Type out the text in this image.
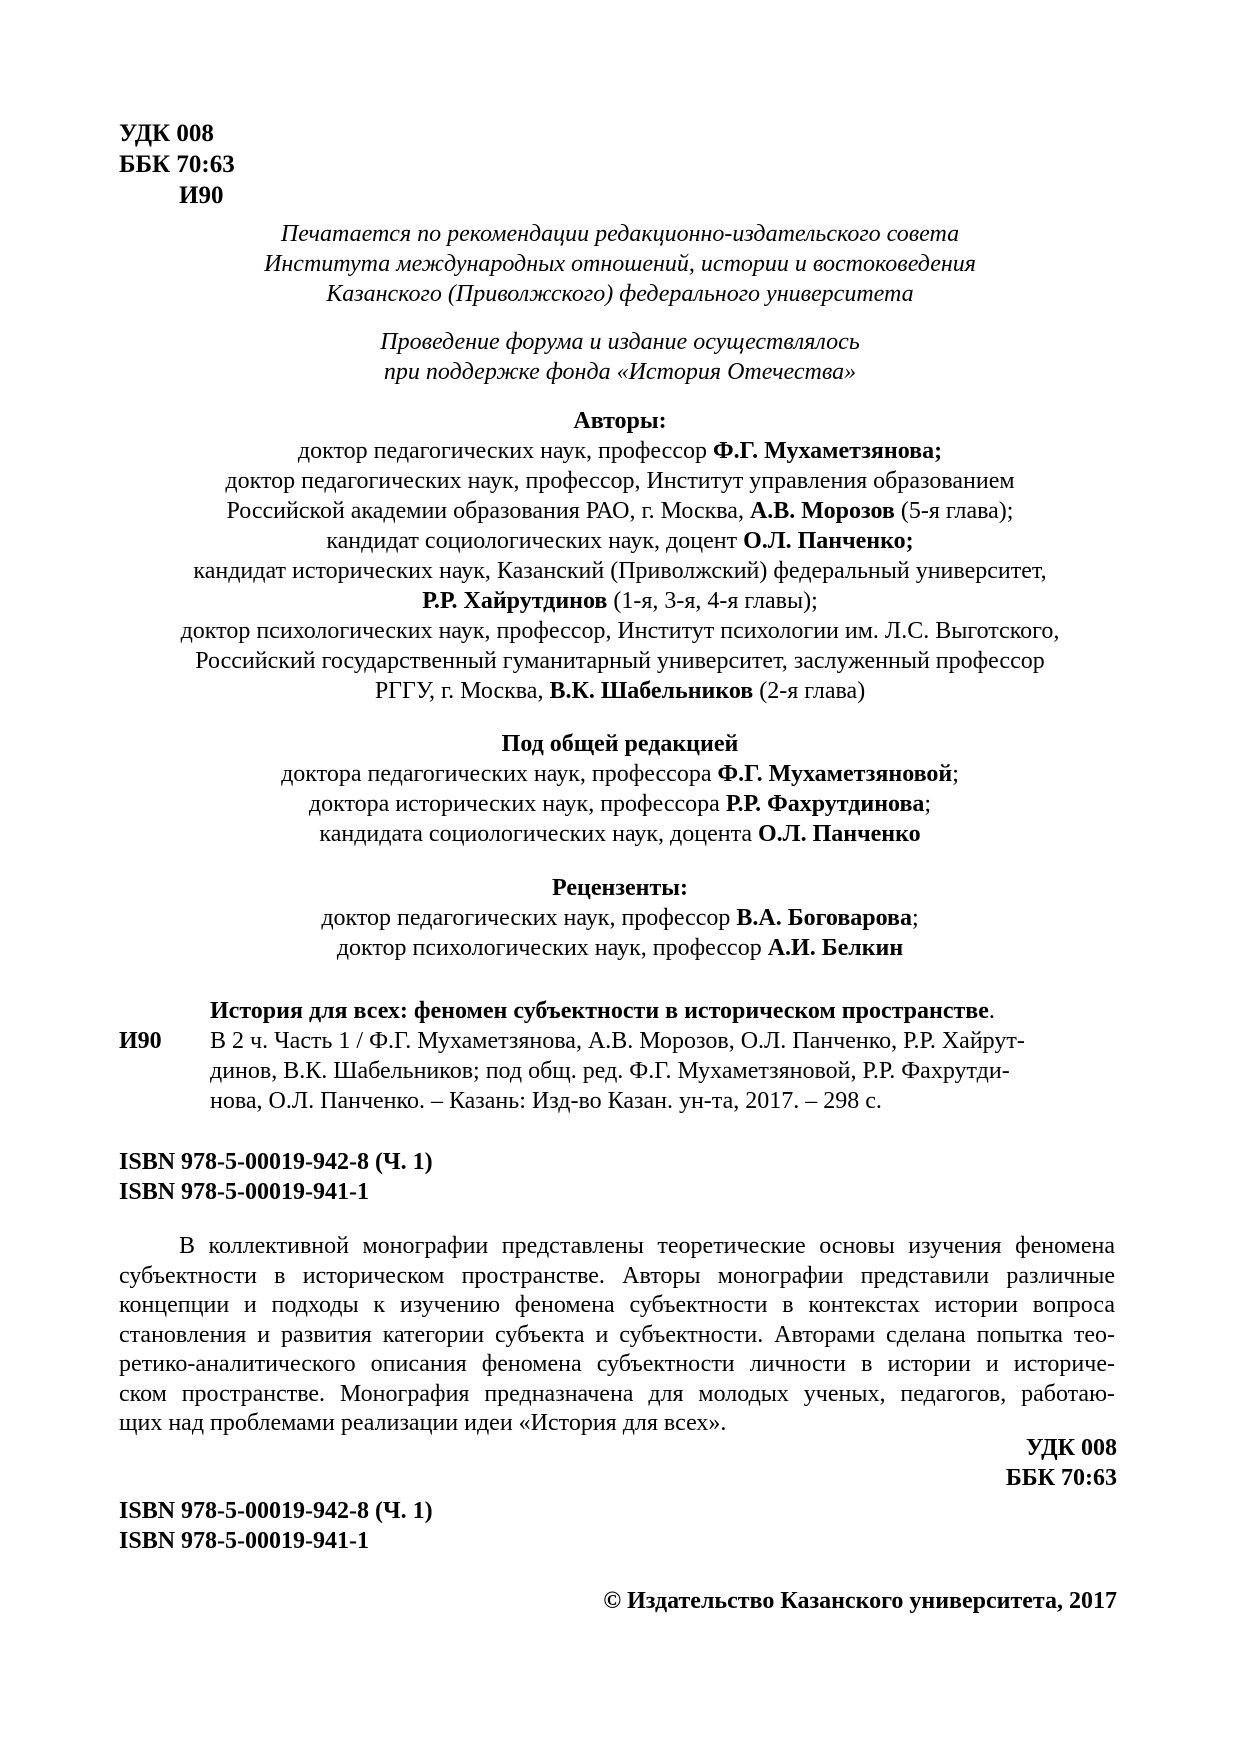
УДК 008
ББК 70:63
И90
Печатается по рекомендации редакционно-издательского совета
Института международных отношений, истории и востоковедения
Казанского (Приволжского) федерального университета
Проведение форума и издание осуществлялось
при поддержке фонда «История Отечества»
Авторы:
доктор педагогических наук, профессор Ф.Г. Мухаметзянова;
доктор педагогических наук, профессор, Институт управления образованием
Российской академии образования РАО, г. Москва, А.В. Морозов (5-я глава);
кандидат социологических наук, доцент О.Л. Панченко;
кандидат исторических наук, Казанский (Приволжский) федеральный университет,
Р.Р. Хайрутдинов (1-я, 3-я, 4-я главы);
доктор психологических наук, профессор, Институт психологии им. Л.С. Выготского,
Российский государственный гуманитарный университет, заслуженный профессор
РГГУ, г. Москва, В.К. Шабельников (2-я глава)
Под общей редакцией
доктора педагогических наук, профессора Ф.Г. Мухаметзяновой;
доктора исторических наук, профессора Р.Р. Фахрутдинова;
кандидата социологических наук, доцента О.Л. Панченко
Рецензенты:
доктор педагогических наук, профессор В.А. Боговарова;
доктор психологических наук, профессор А.И. Белкин
И90
История для всех: феномен субъектности в историческом пространстве.
В 2 ч. Часть 1 / Ф.Г. Мухаметзянова, А.В. Морозов, О.Л. Панченко, Р.Р. Хайрут-
динов, В.К. Шабельников; под общ. ред. Ф.Г. Мухаметзяновой, Р.Р. Фахрутди-
нова, О.Л. Панченко. – Казань: Изд-во Казан. ун-та, 2017. – 298 с.
ISBN 978-5-00019-942-8 (Ч. 1)
ISBN 978-5-00019-941-1
В коллективной монографии представлены теоретические основы изучения феномена
субъектности в историческом пространстве. Авторы монографии представили различные
концепции и подходы к изучению феномена субъектности в контекстах истории вопроса
становления и развития категории субъекта и субъектности. Авторами сделана попытка тео-
ретико-аналитического описания феномена субъектности личности в истории и историче-
ском пространстве. Монография предназначена для молодых ученых, педагогов, работаю-
щих над проблемами реализации идеи «История для всех».
УДК 008
ББК 70:63
ISBN 978-5-00019-942-8 (Ч. 1)
ISBN 978-5-00019-941-1
© Издательство Казанского университета, 2017
